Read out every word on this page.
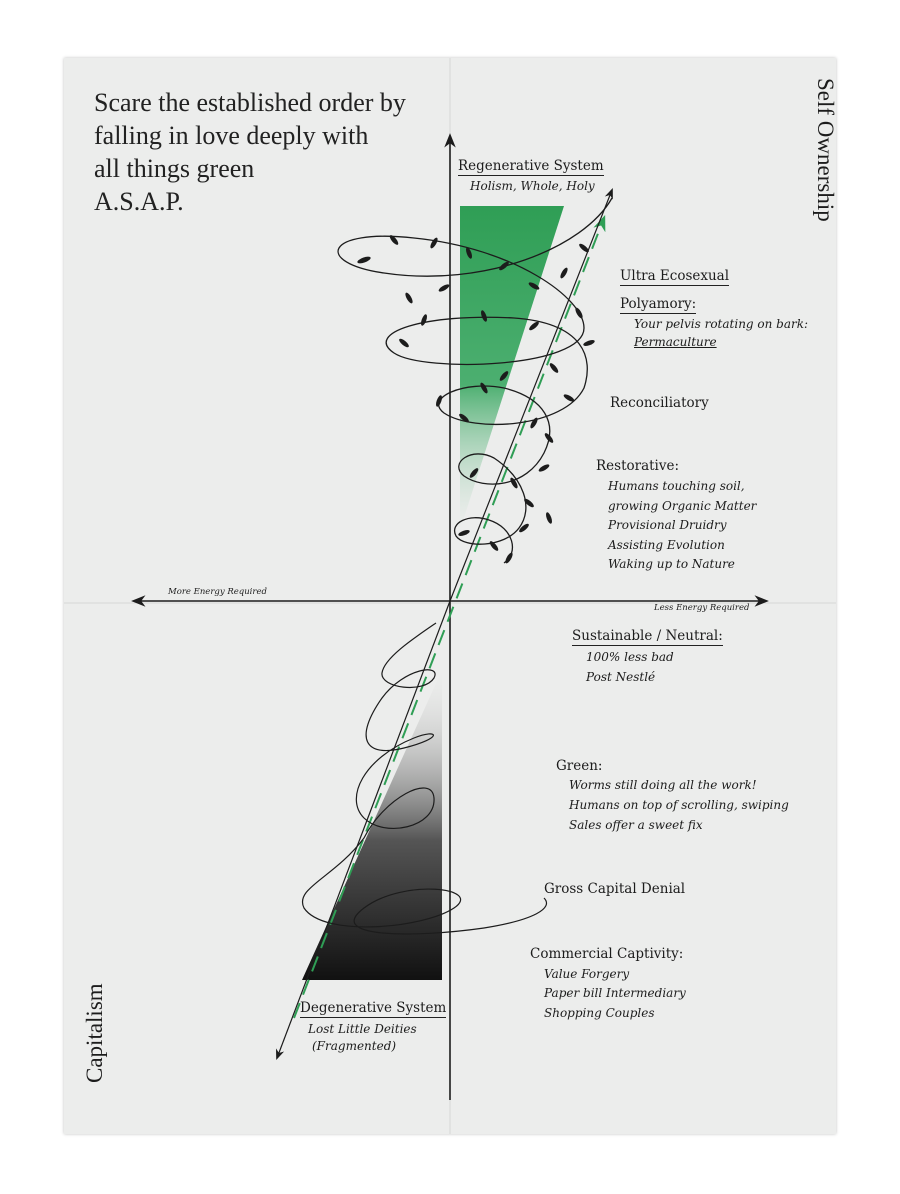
Scare the established order by
falling in love deeply with
all things green
A.S.A.P.	Self Ownership
Capitalism
More Energy Required
Less Energy Required
Regenerative System
Holism, Whole, Holy
Degenerative System
Lost Little Deities
(Fragmented)
Ultra Ecosexual
Polyamory:
Your pelvis rotating on bark:
Permaculture
Reconciliatory
Restorative:
Humans touching soil,
growing Organic Matter
Provisional Druidry
Assisting Evolution
Waking up to Nature
Sustainable / Neutral:
100% less bad
Post Nestlé
Green:
Worms still doing all the work!
Humans on top of scrolling, swiping
Sales offer a sweet fix
Gross Capital Denial
Commercial Captivity:
Value Forgery
Paper bill Intermediary
Shopping Couples
